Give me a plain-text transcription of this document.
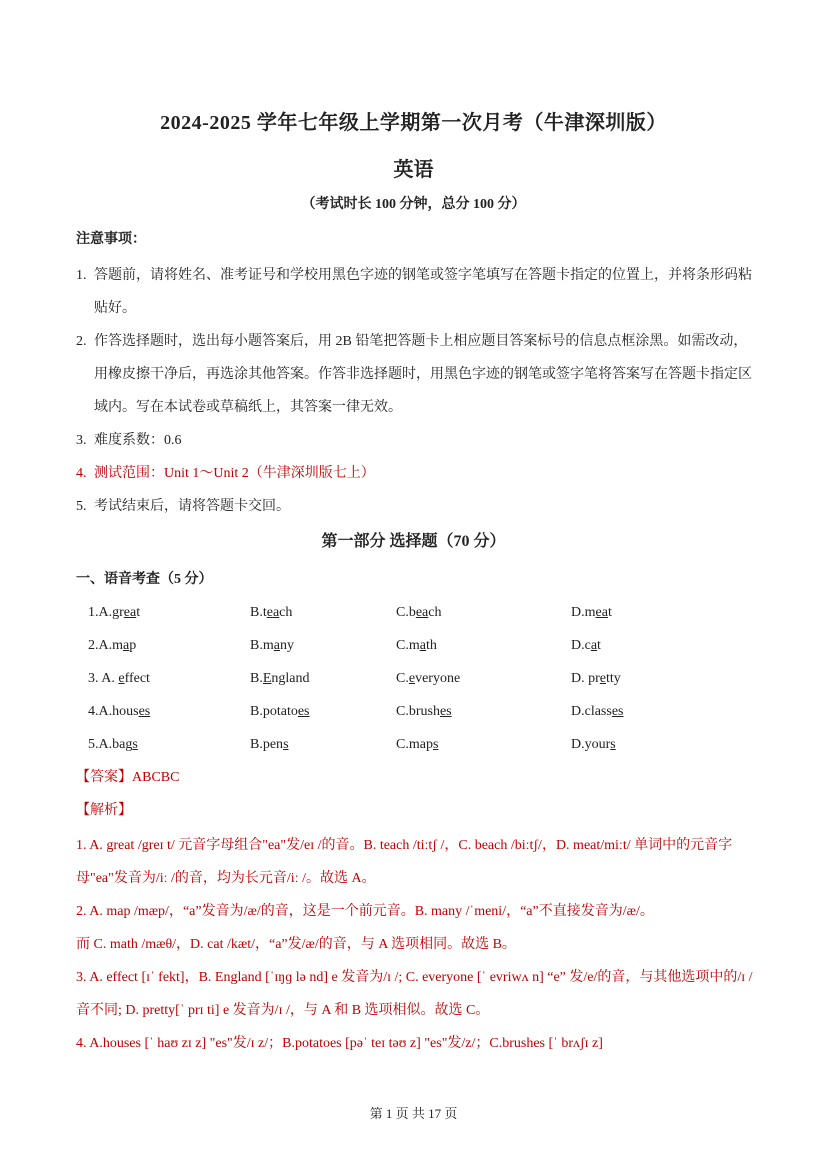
2024-2025 学年七年级上学期第一次月考（牛津深圳版）
英语
（考试时长 100 分钟，总分 100 分）
注意事项：
1. 答题前，请将姓名、准考证号和学校用黑色字迹的钢笔或签字笔填写在答题卡指定的位置上，并将条形码粘贴好。
2. 作答选择题时，选出每小题答案后，用 2B 铅笔把答题卡上相应题目答案标号的信息点框涂黑。如需改动，用橡皮擦干净后，再选涂其他答案。作答非选择题时，用黑色字迹的钢笔或签字笔将答案写在答题卡指定区域内。写在本试卷或草稿纸上，其答案一律无效。
3. 难度系数：0.6
4. 测试范围：Unit 1～Unit 2（牛津深圳版七上）
5. 考试结束后，请将答题卡交回。
第一部分 选择题（70 分）
一、语音考查（5 分）
1.A.great	B.teach	C.beach	D.meat
2.A.map	B.many	C.math	D.cat
3. A. effect	B.England	C.everyone	D. pretty
4.A.houses	B.potatoes	C.brushes	D.classes
5.A.bags	B.pens	C.maps	D.yours
【答案】ABCBC
【解析】

1. A. great /greɪ t/ 元音字母组合"ea"发/eɪ /的音。B. teach /tiːtʃ /，C. beach /biːtʃ/，D. meat/miːt/ 单词中的元音字母"ea"发音为/iː /的音，均为长元音/iː /。故选 A。

2. A. map /mæp/，“a”发音为/æ/的音，这是一个前元音。B. many /ˈmeni/，“a”不直接发音为/æ/。

而 C. math /mæθ/，D. cat /kæt/，“a”发/æ/的音，与 A 选项相同。故选 B。

3. A. effect [ɪˈ fekt]，B. England [ˈɪŋɡ lə nd] e 发音为/ɪ /; C. everyone [ˈ evriwʌ n] “e” 发/e/的音，与其他选项中的/ɪ /音不同; D. pretty[ˈ prɪ ti] e 发音为/ɪ /，与 A 和 B 选项相似。故选 C。

4. A.houses [ˈ haʊ zɪ z] "es"发/ɪ z/；B.potatoes [pəˈ teɪ təʊ z] "es"发/z/；C.brushes [ˈ brʌʃɪ z]

第 1 页 共 17 页
